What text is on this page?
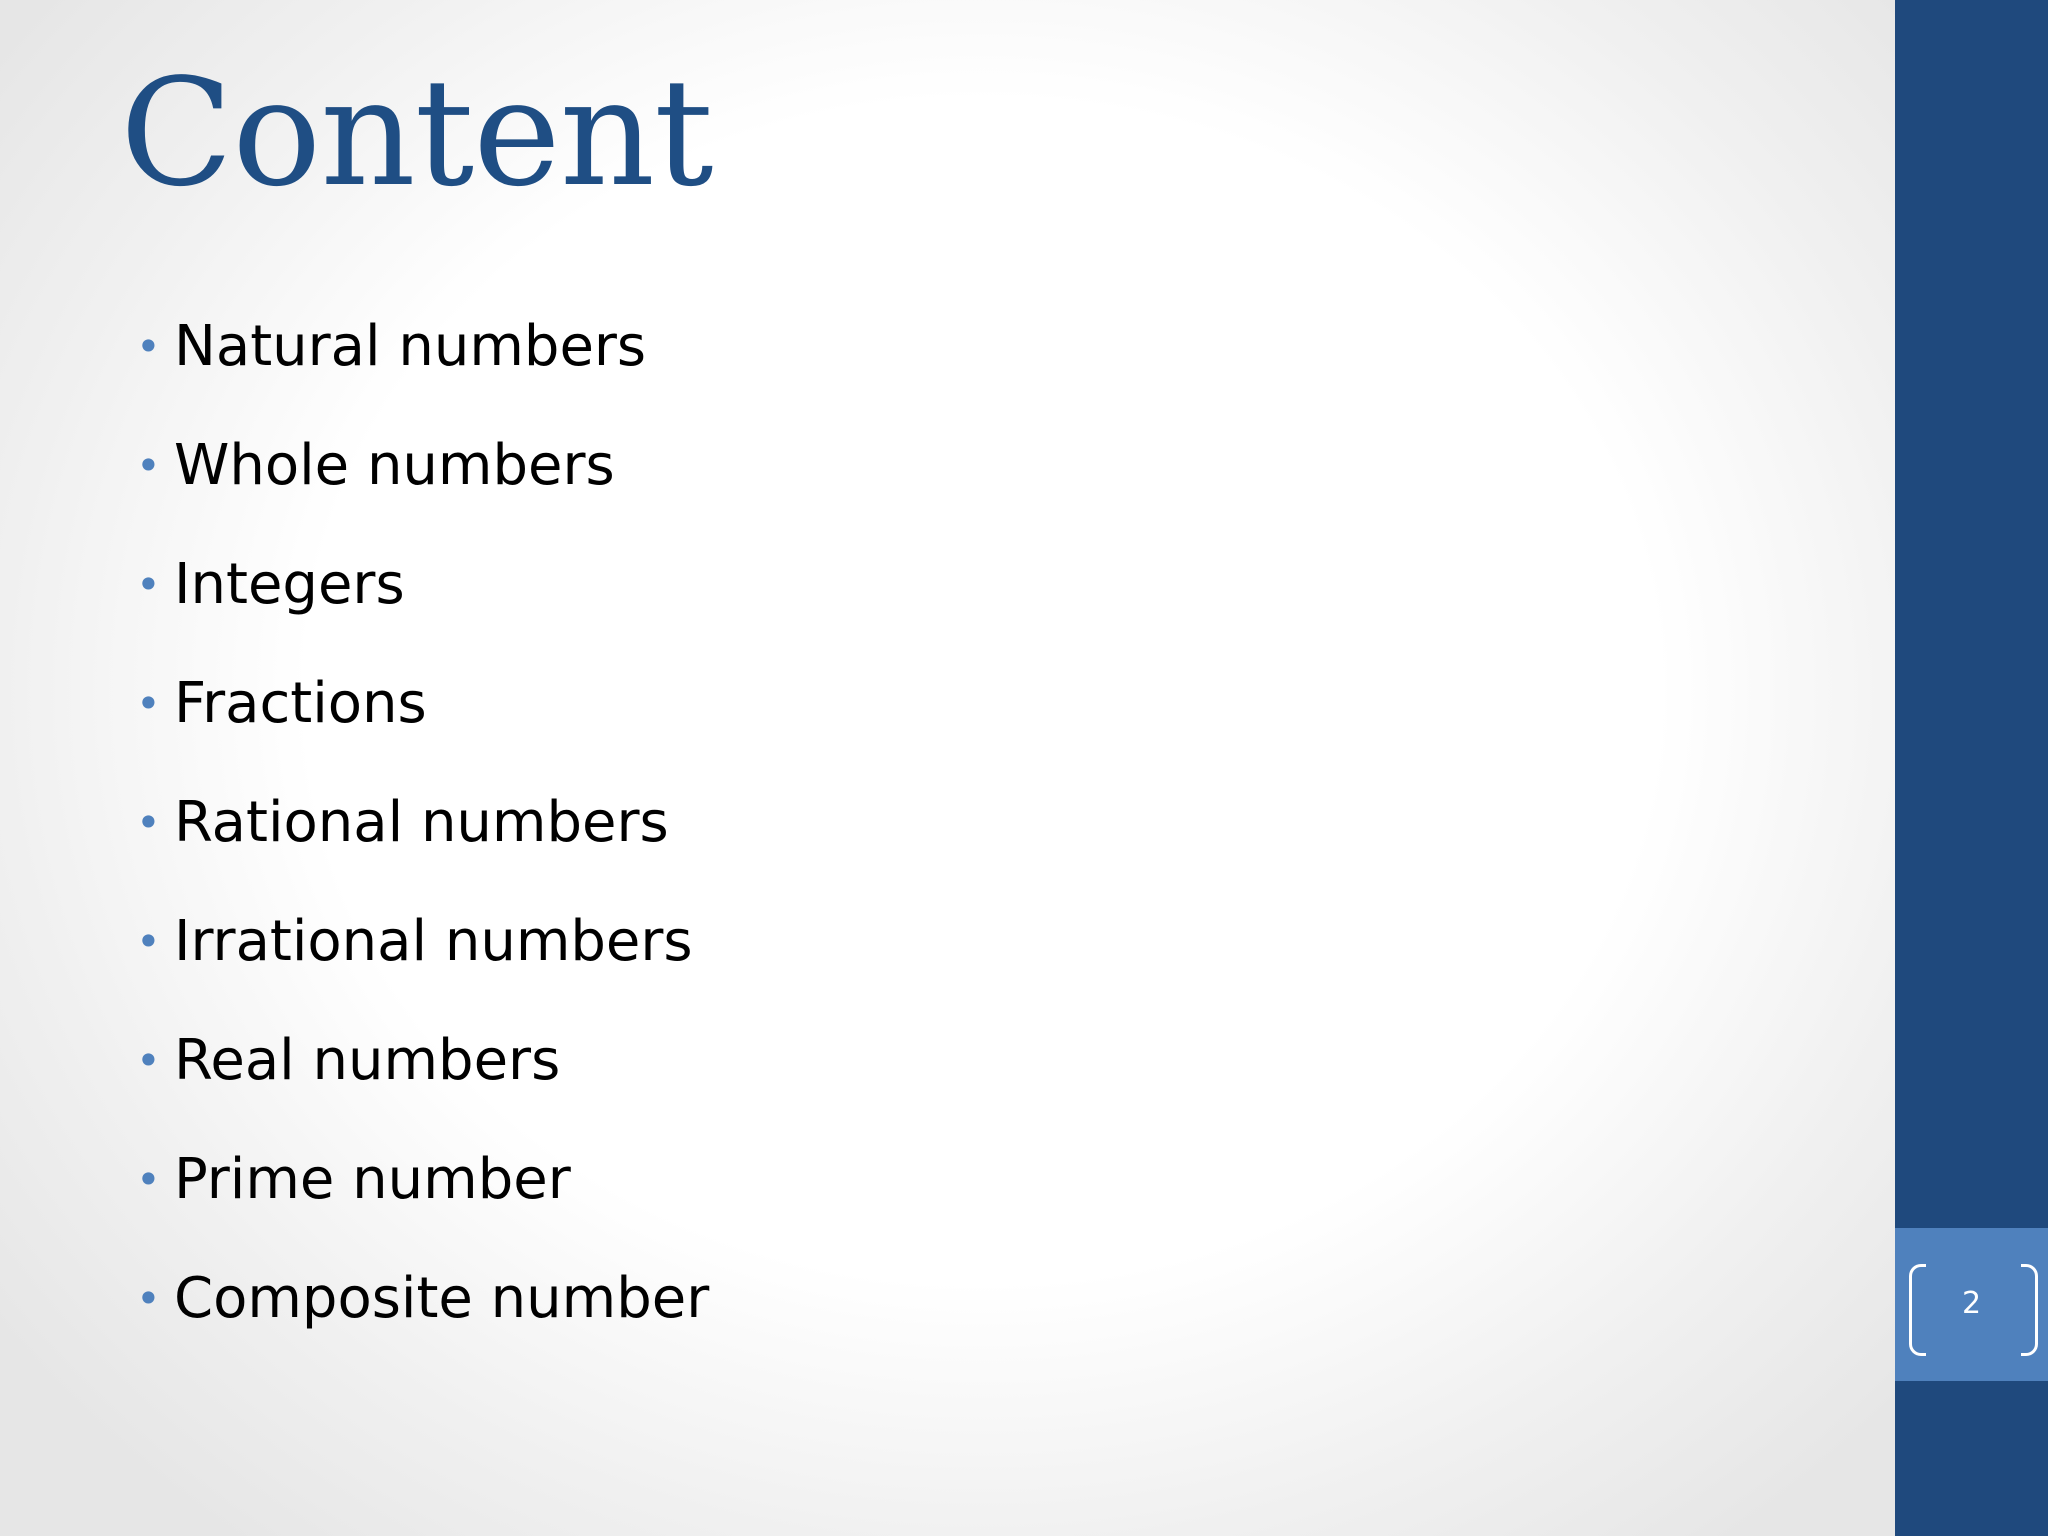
Content
• Natural numbers
• Whole numbers
• Integers
• Fractions
• Rational numbers
• Irrational numbers
• Real numbers
• Prime number
• Composite number	2
